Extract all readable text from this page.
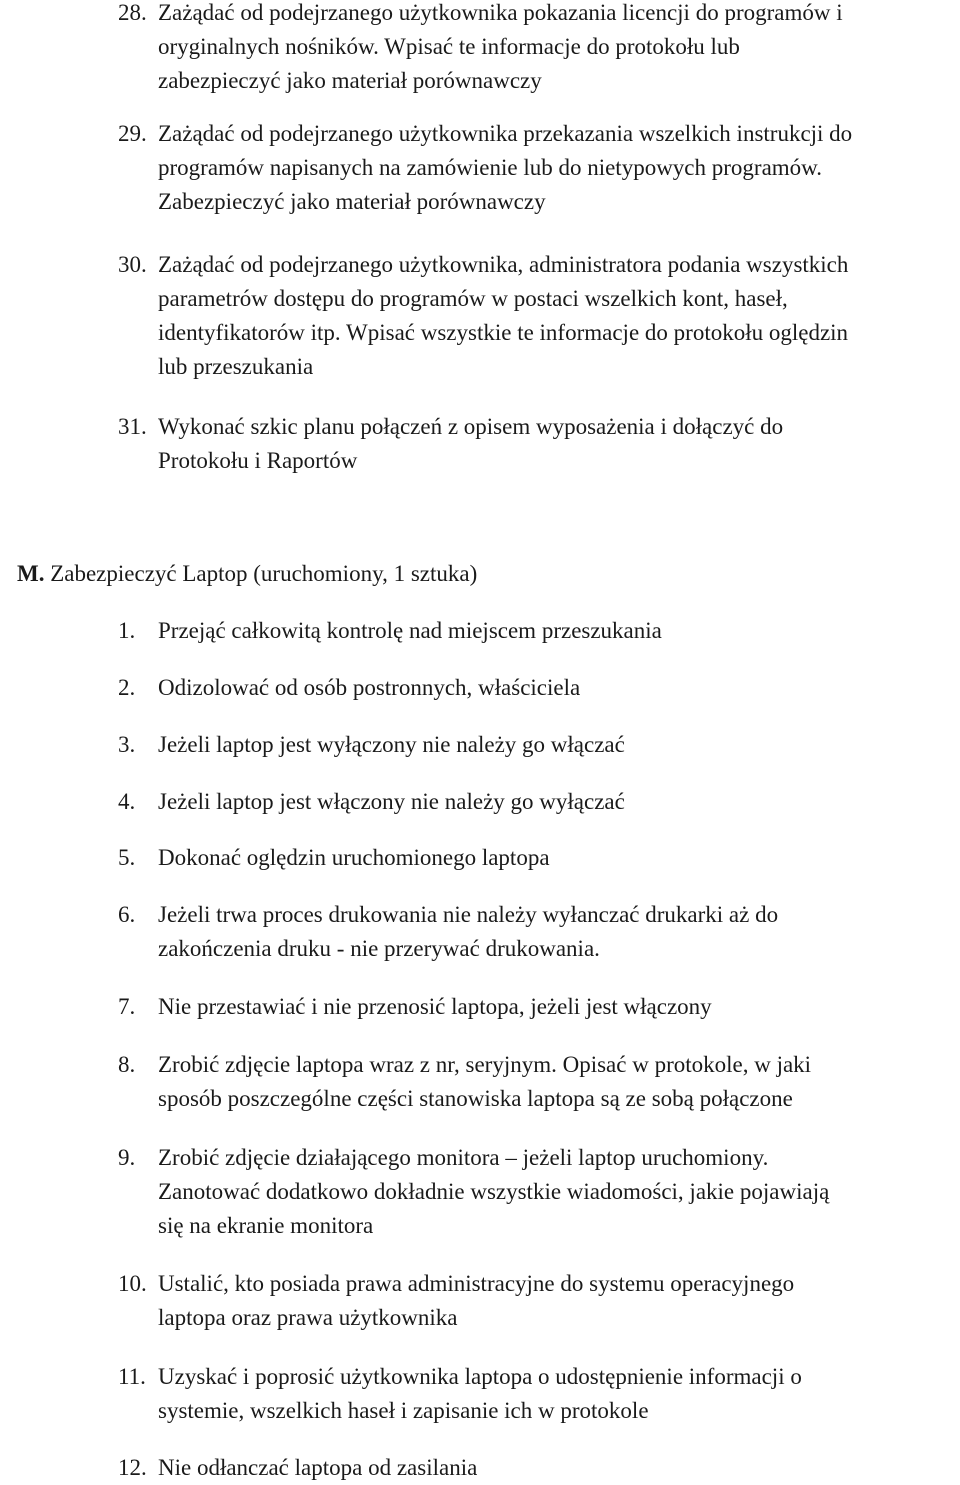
28. Zażądać od podejrzanego użytkownika pokazania licencji do programów i
oryginalnych nośników. Wpisać te informacje do protokołu lub
zabezpieczyć jako materiał porównawczy
29. Zażądać od podejrzanego użytkownika przekazania wszelkich instrukcji do
programów napisanych na zamówienie lub do nietypowych programów.
Zabezpieczyć jako materiał porównawczy
30. Zażądać od podejrzanego użytkownika, administratora podania wszystkich
parametrów dostępu do programów w postaci wszelkich kont, haseł,
identyfikatorów itp. Wpisać wszystkie te informacje do protokołu oględzin
lub przeszukania
31. Wykonać szkic planu połączeń z opisem wyposażenia i dołączyć do
Protokołu i Raportów
M. Zabezpieczyć Laptop (uruchomiony, 1 sztuka)
1. Przejąć całkowitą kontrolę nad miejscem przeszukania
2. Odizolować od osób postronnych, właściciela
3. Jeżeli laptop jest wyłączony nie należy go włączać
4. Jeżeli laptop jest włączony nie należy go wyłączać
5. Dokonać oględzin uruchomionego laptopa
6. Jeżeli trwa proces drukowania nie należy wyłanczać drukarki aż do
zakończenia druku - nie przerywać drukowania.
7. Nie przestawiać i nie przenosić laptopa, jeżeli jest włączony
8. Zrobić zdjęcie laptopa wraz z nr, seryjnym. Opisać w protokole, w jaki
sposób poszczególne części stanowiska laptopa są ze sobą połączone
9. Zrobić zdjęcie działającego monitora – jeżeli laptop uruchomiony.
Zanotować dodatkowo dokładnie wszystkie wiadomości, jakie pojawiają
się na ekranie monitora
10. Ustalić, kto posiada prawa administracyjne do systemu operacyjnego
laptopa oraz prawa użytkownika
11. Uzyskać i poprosić użytkownika laptopa o udostępnienie informacji o
systemie, wszelkich haseł i zapisanie ich w protokole
12. Nie odłanczać laptopa od zasilania
